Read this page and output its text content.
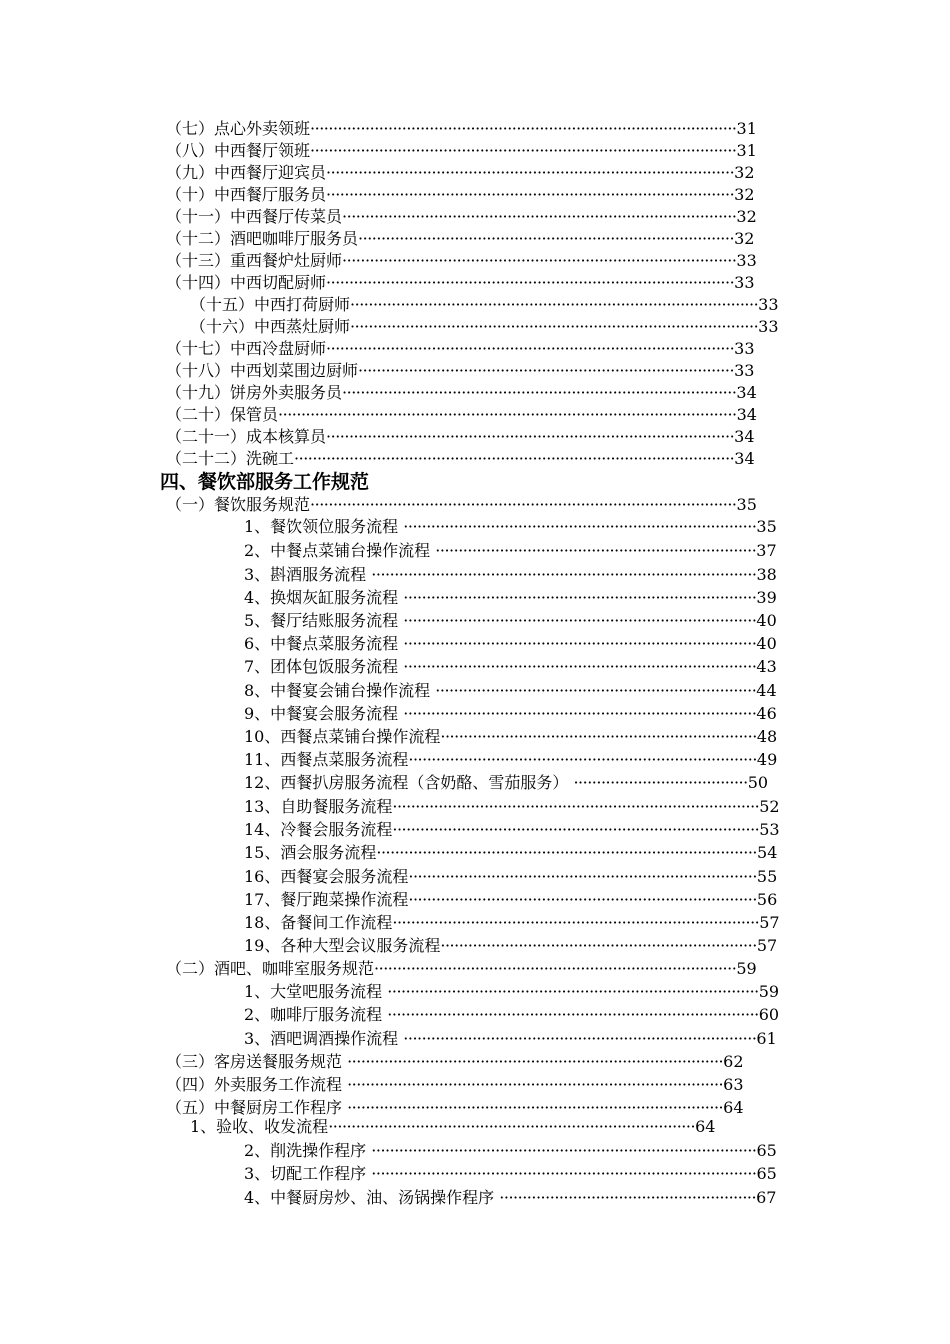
（七）点心外卖领班·····························································································31
（八）中西餐厅领班·····························································································31
（九）中西餐厅迎宾员·························································································32
（十）中西餐厅服务员·························································································32
（十一）中西餐厅传菜员······················································································32
（十二）酒吧咖啡厅服务员··················································································32
（十三）重西餐炉灶厨师······················································································33
（十四）中西切配厨师·························································································33
（十五）中西打荷厨师·························································································33
（十六）中西蒸灶厨师·························································································33
（十七）中西冷盘厨师·························································································33
（十八）中西划菜围边厨师··················································································33
（十九）饼房外卖服务员······················································································34
（二十）保管员····································································································34
（二十一）成本核算员·························································································34
（二十二）洗碗工································································································34
四、餐饮部服务工作规范
（一）餐饮服务规范·····························································································35
1、餐饮领位服务流程 ·············································································35
2、中餐点菜铺台操作流程 ······································································37
3、斟酒服务流程 ····················································································38
4、换烟灰缸服务流程 ·············································································39
5、餐厅结账服务流程 ·············································································40
6、中餐点菜服务流程 ·············································································40
7、团体包饭服务流程 ·············································································43
8、中餐宴会铺台操作流程 ······································································44
9、中餐宴会服务流程 ·············································································46
10、西餐点菜铺台操作流程·····································································48
11、西餐点菜服务流程············································································49
12、西餐扒房服务流程（含奶酪、雪茄服务） ······································50
13、自助餐服务流程················································································52
14、冷餐会服务流程················································································53
15、酒会服务流程···················································································54
16、西餐宴会服务流程············································································55
17、餐厅跑菜操作流程············································································56
18、备餐间工作流程················································································57
19、各种大型会议服务流程·····································································57
（二）酒吧、咖啡室服务规范···············································································59
1、大堂吧服务流程 ·················································································59
2、咖啡厅服务流程 ·················································································60
3、酒吧调酒操作流程 ·············································································61
（三）客房送餐服务规范 ··················································································62
（四）外卖服务工作流程 ··················································································63
（五）中餐厨房工作程序 ··················································································64
1、验收、收发流程················································································64
2、削洗操作程序 ····················································································65
3、切配工作程序 ····················································································65
4、中餐厨房炒、油、汤锅操作程序 ························································67
